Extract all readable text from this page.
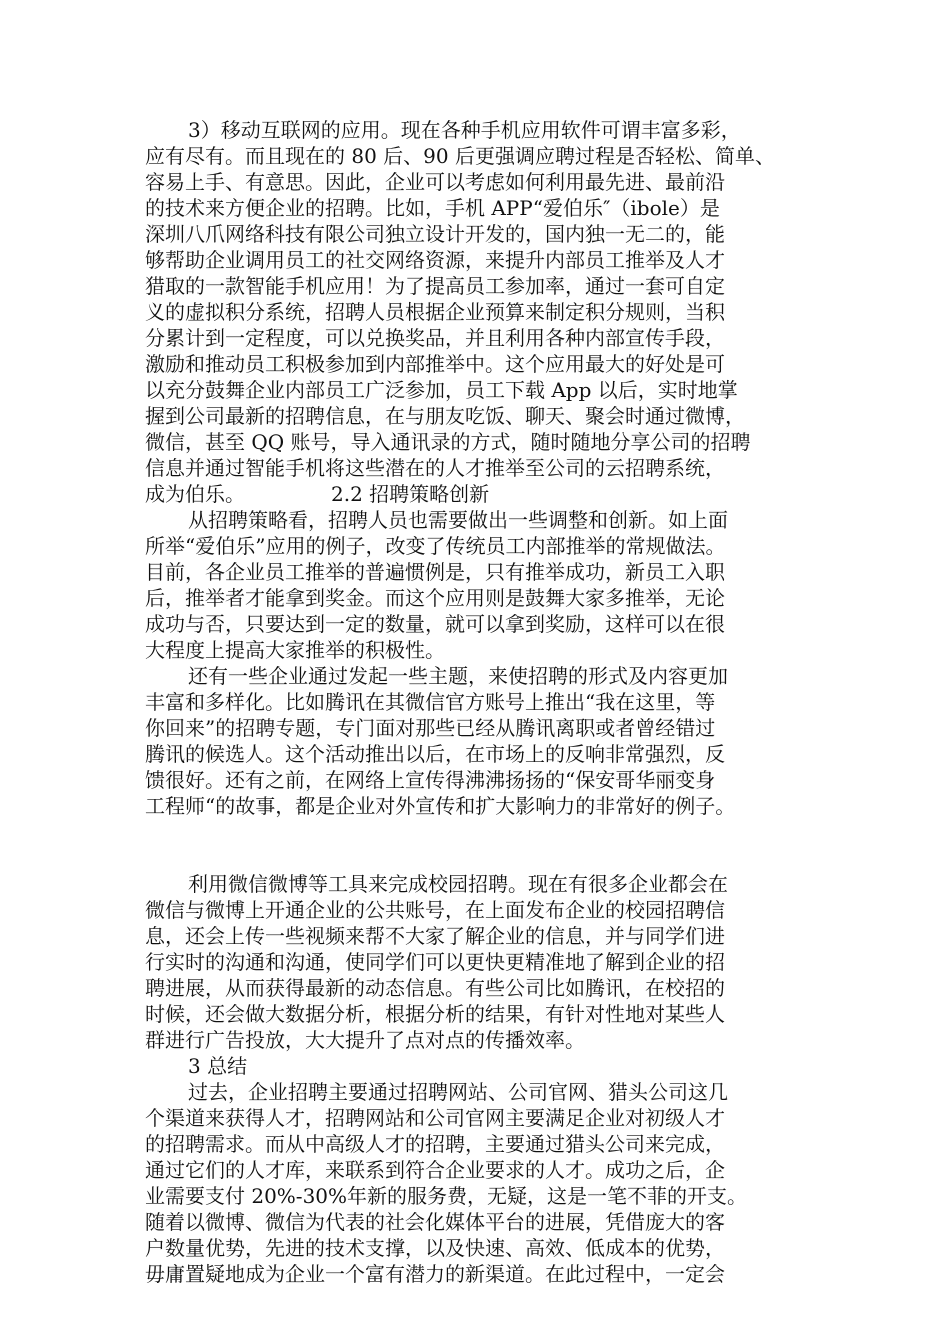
3）移动互联网的应用。现在各种手机应用软件可谓丰富多彩，
应有尽有。而且现在的 80 后、90 后更强调应聘过程是否轻松、简单、
容易上手、有意思。因此，企业可以考虑如何利用最先进、最前沿
的技术来方便企业的招聘。比如，手机 APP“爱伯乐″（ibole）是
深圳八爪网络科技有限公司独立设计开发的，国内独一无二的，能
够帮助企业调用员工的社交网络资源，来提升内部员工推举及人才
猎取的一款智能手机应用！为了提高员工参加率，通过一套可自定
义的虚拟积分系统，招聘人员根据企业预算来制定积分规则，当积
分累计到一定程度，可以兑换奖品，并且利用各种内部宣传手段，
激励和推动员工积极参加到内部推举中。这个应用最大的好处是可
以充分鼓舞企业内部员工广泛参加，员工下载 App 以后，实时地掌
握到公司最新的招聘信息，在与朋友吃饭、聊天、聚会时通过微博，
微信，甚至 QQ 账号，导入通讯录的方式，随时随地分享公司的招聘
信息并通过智能手机将这些潜在的人才推举至公司的云招聘系统，
成为伯乐。	2.2 招聘策略创新
从招聘策略看，招聘人员也需要做出一些调整和创新。如上面
所举“爱伯乐”应用的例子，改变了传统员工内部推举的常规做法。
目前，各企业员工推举的普遍惯例是，只有推举成功，新员工入职
后，推举者才能拿到奖金。而这个应用则是鼓舞大家多推举，无论
成功与否，只要达到一定的数量，就可以拿到奖励，这样可以在很
大程度上提高大家推举的积极性。
还有一些企业通过发起一些主题，来使招聘的形式及内容更加
丰富和多样化。比如腾讯在其微信官方账号上推出“我在这里，等
你回来”的招聘专题，专门面对那些已经从腾讯离职或者曾经错过
腾讯的候选人。这个活动推出以后，在市场上的反响非常强烈，反
馈很好。还有之前，在网络上宣传得沸沸扬扬的“保安哥华丽变身
工程师“的故事，都是企业对外宣传和扩大影响力的非常好的例子。
利用微信微博等工具来完成校园招聘。现在有很多企业都会在
微信与微博上开通企业的公共账号，在上面发布企业的校园招聘信
息，还会上传一些视频来帮不大家了解企业的信息，并与同学们进
行实时的沟通和沟通，使同学们可以更快更精准地了解到企业的招
聘进展，从而获得最新的动态信息。有些公司比如腾讯，在校招的
时候，还会做大数据分析，根据分析的结果，有针对性地对某些人
群进行广告投放，大大提升了点对点的传播效率。
3 总结
过去，企业招聘主要通过招聘网站、公司官网、猎头公司这几
个渠道来获得人才，招聘网站和公司官网主要满足企业对初级人才
的招聘需求。而从中高级人才的招聘，主要通过猎头公司来完成，
通过它们的人才库，来联系到符合企业要求的人才。成功之后，企
业需要支付 20%-30%年新的服务费，无疑，这是一笔不菲的开支。
随着以微博、微信为代表的社会化媒体平台的进展，凭借庞大的客
户数量优势，先进的技术支撑，以及快速、高效、低成本的优势，
毋庸置疑地成为企业一个富有潜力的新渠道。在此过程中，一定会
